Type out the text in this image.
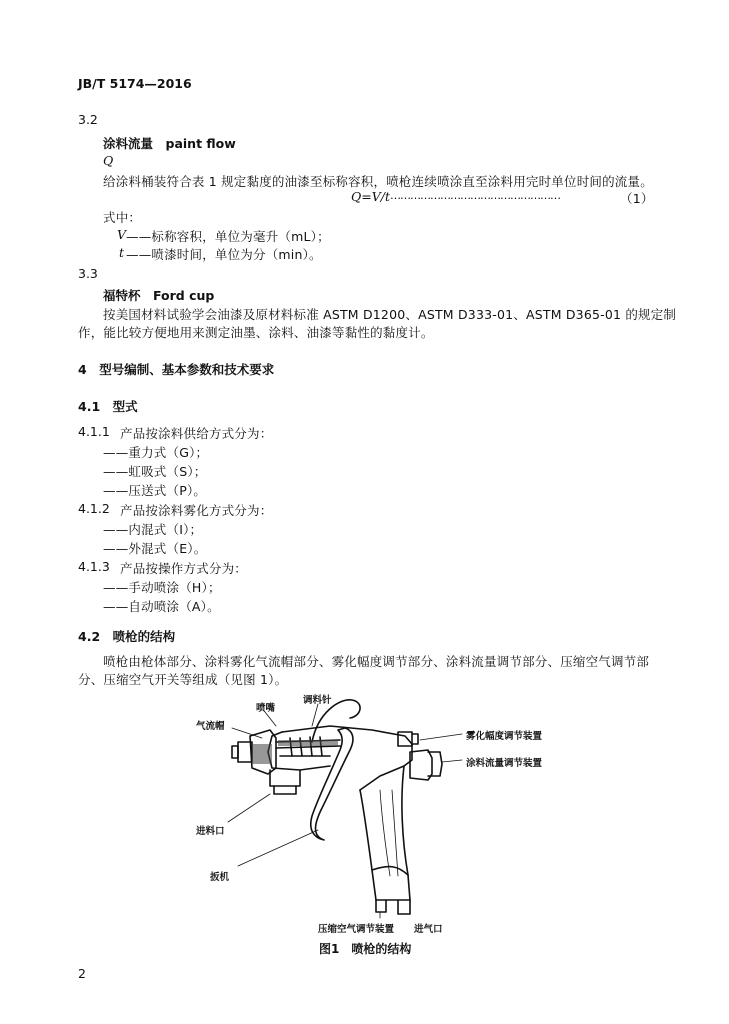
JB/T 5174—2016
3.2
涂料流量　paint flow
Q
给涂料桶装符合表 1 规定黏度的油漆至标称容积，喷枪连续喷涂直至涂料用完时单位时间的流量。
Q=V/t ……………………………………………	（1）
式中：
V ——标称容积，单位为毫升（mL）；
t ——喷漆时间，单位为分（min）。
3.3
福特杯　Ford cup
按美国材料试验学会油漆及原材料标准 ASTM D1200、ASTM D333-01、ASTM D365-01 的规定制
作，能比较方便地用来测定油墨、涂料、油漆等黏性的黏度计。
4　型号编制、基本参数和技术要求
4.1　型式
4.1.1 产品按涂料供给方式分为：
——重力式（G）；
——虹吸式（S）；
——压送式（P）。
4.1.2 产品按涂料雾化方式分为：
——内混式（I）；
——外混式（E）。
4.1.3 产品按操作方式分为：
——手动喷涂（H）；
——自动喷涂（A）。
4.2　喷枪的结构
喷枪由枪体部分、涂料雾化气流帽部分、雾化幅度调节部分、涂料流量调节部分、压缩空气调节部
分、压缩空气开关等组成（见图 1）。
喷嘴
调料针
气流帽
雾化幅度调节装置
涂料流量调节装置
进料口
扳机
压缩空气调节装置 进气口
图1　喷枪的结构
2
